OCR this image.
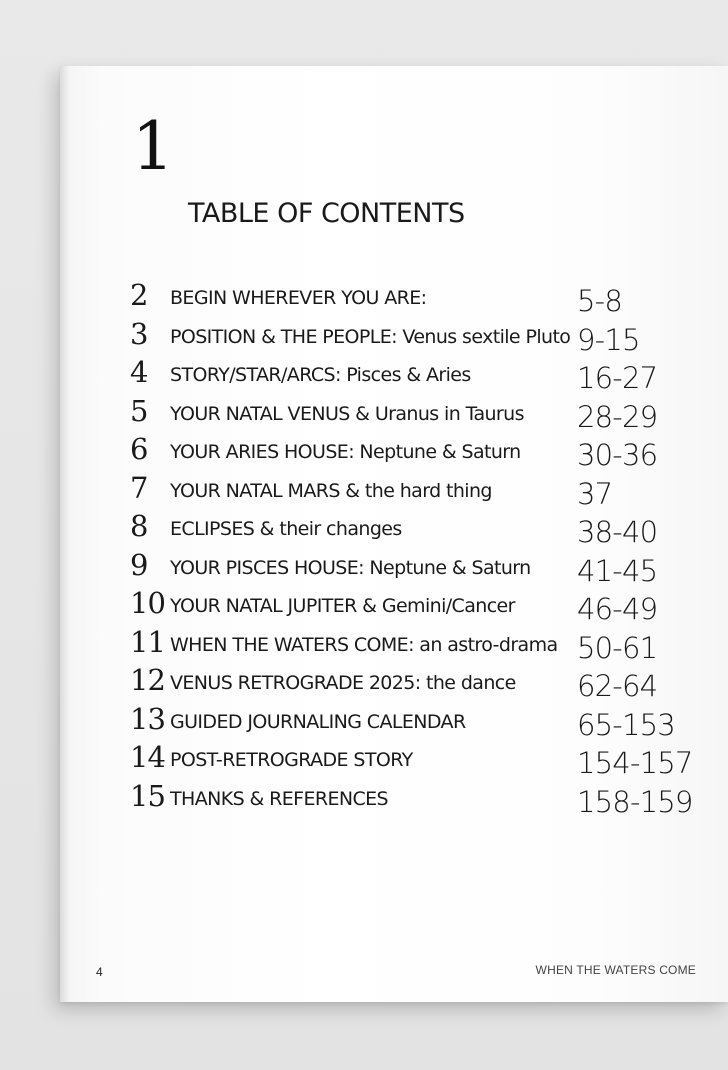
1
TABLE OF CONTENTS
2 BEGIN WHEREVER YOU ARE:	5-8
3 POSITION & THE PEOPLE: Venus sextile Pluto 9-15
4 STORY/STAR/ARCS: Pisces & Aries	16-27
5 YOUR NATAL VENUS & Uranus in Taurus 28-29
6 YOUR ARIES HOUSE: Neptune & Saturn 30-36
7 YOUR NATAL MARS & the hard thing	37
8 ECLIPSES & their changes	38-40
9 YOUR PISCES HOUSE: Neptune & Saturn 41-45
10 YOUR NATAL JUPITER & Gemini/Cancer 46-49
11 WHEN THE WATERS COME: an astro-drama 50-61
12 VENUS RETROGRADE 2025: the dance 62-64
13 GUIDED JOURNALING CALENDAR	65-153
14 POST-RETROGRADE STORY	154-157
15 THANKS & REFERENCES	158-159
4	WHEN THE WATERS COME
